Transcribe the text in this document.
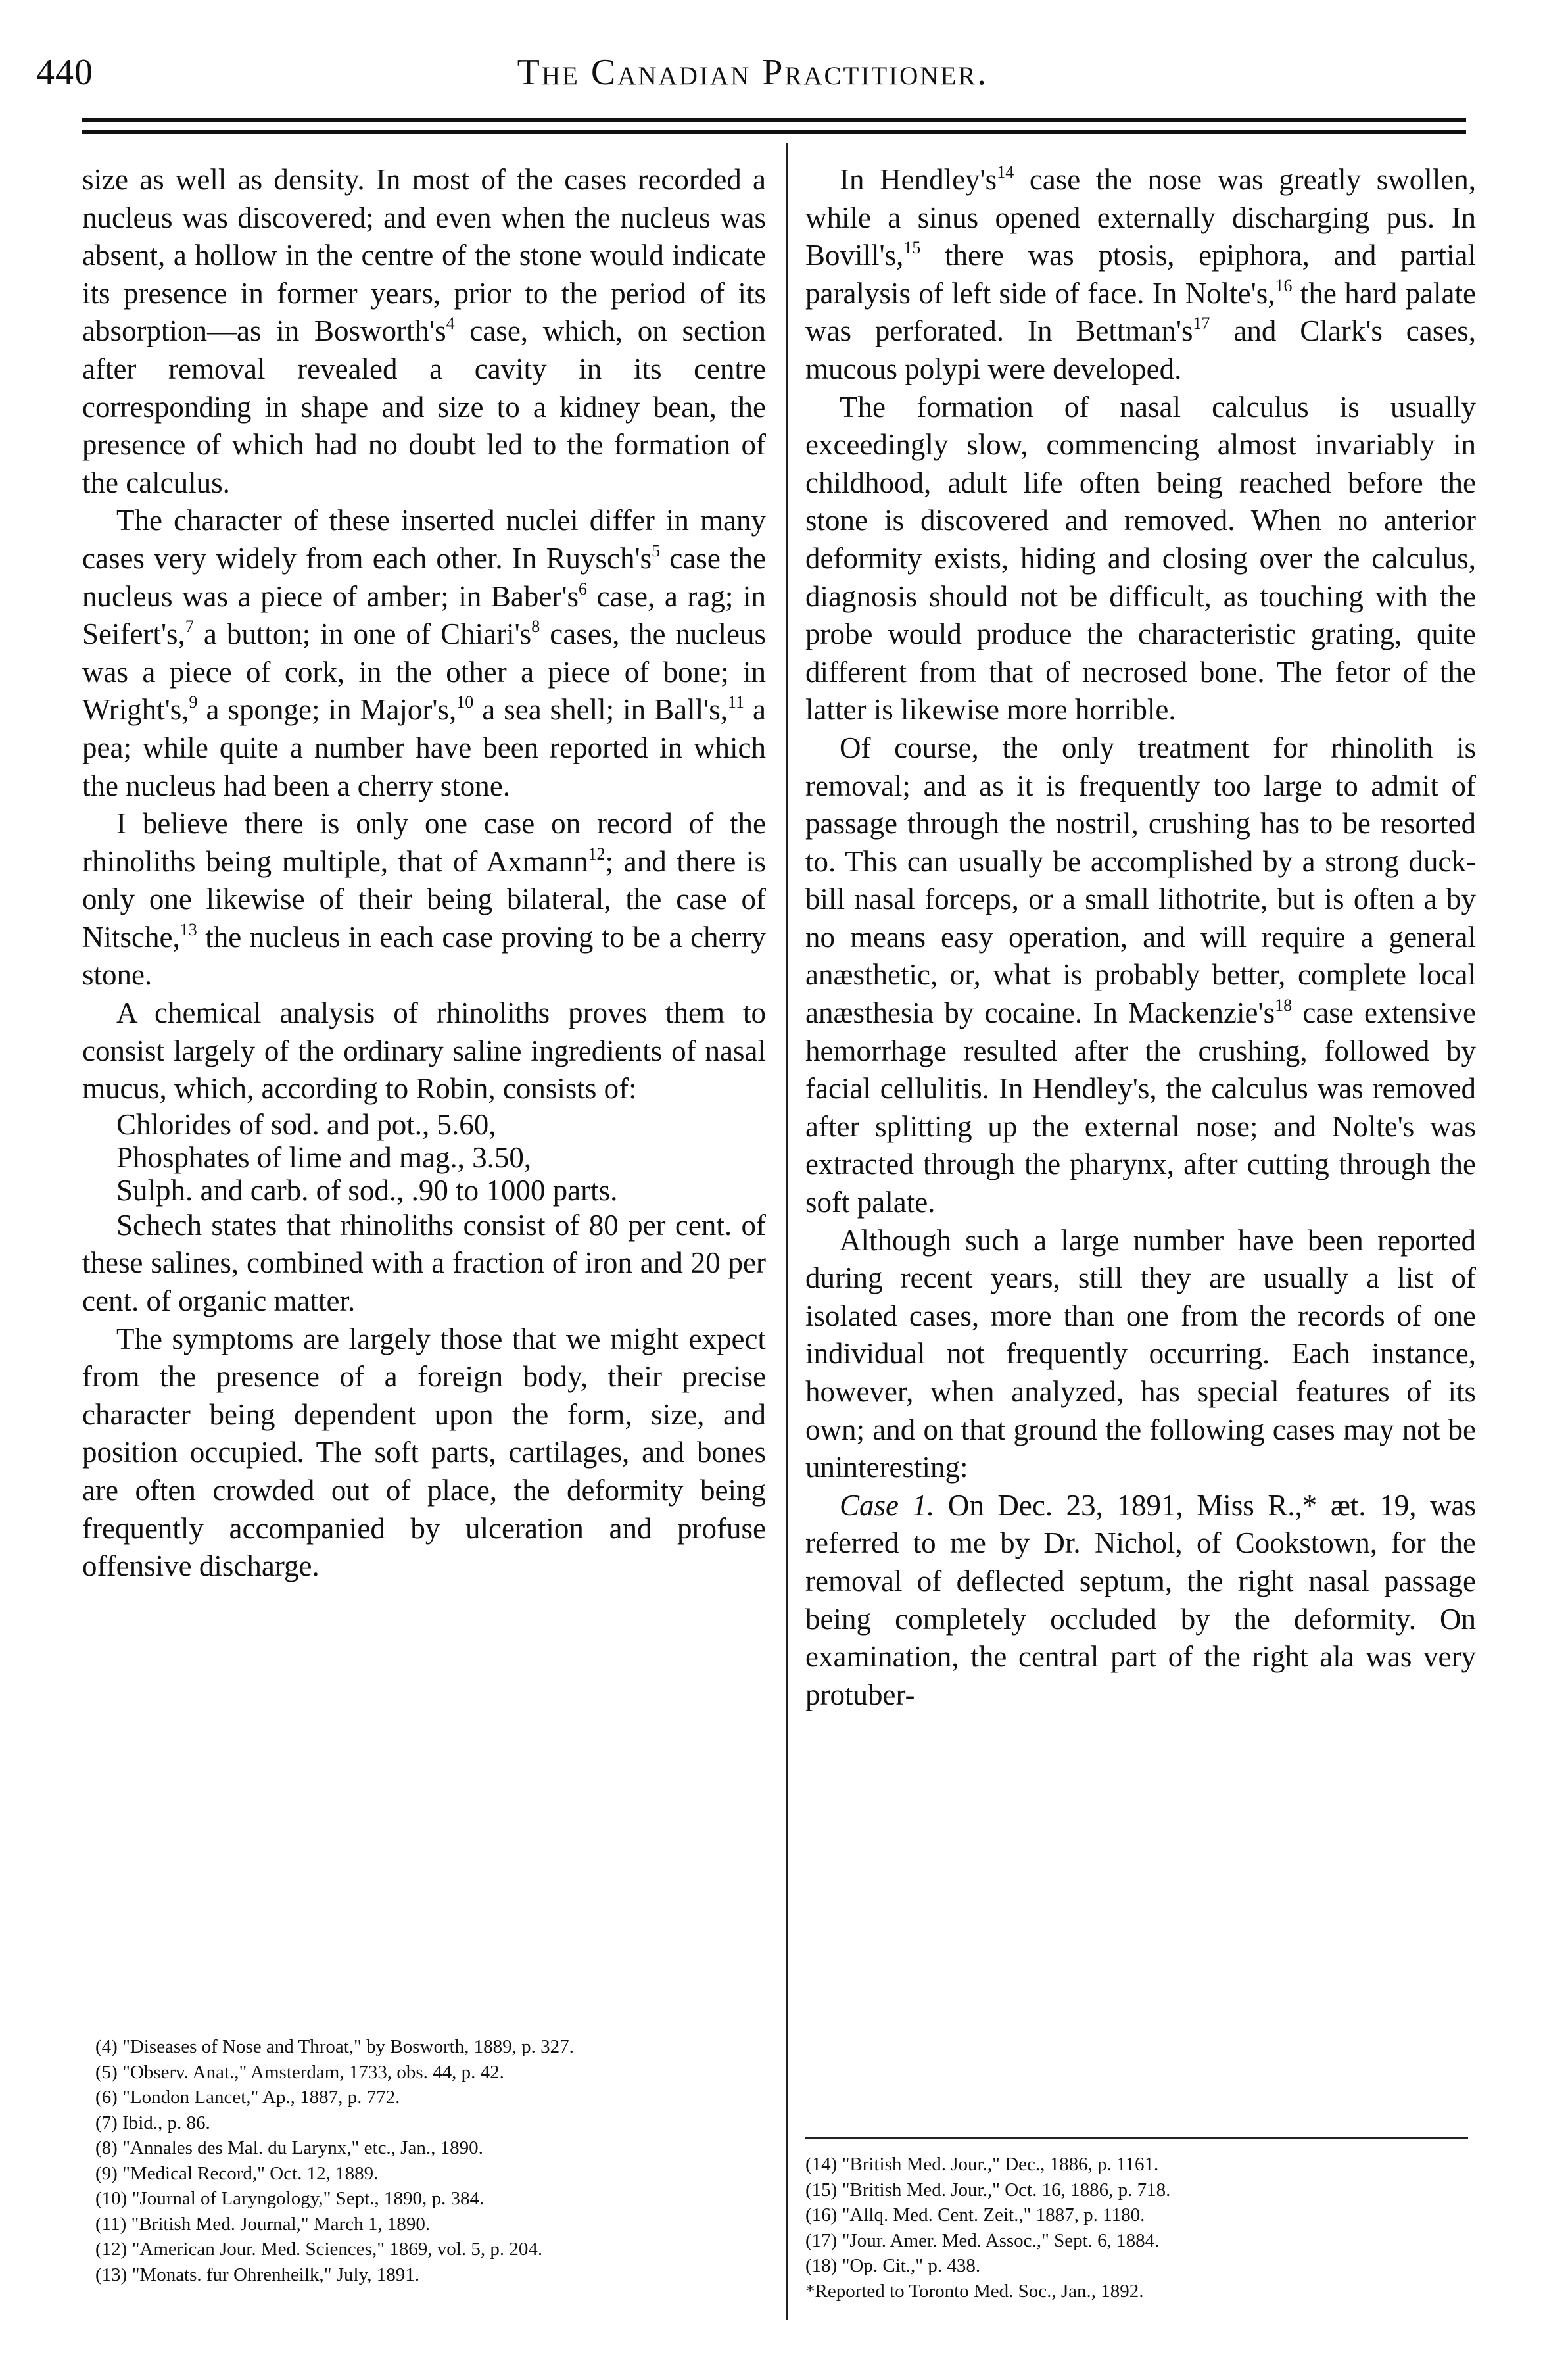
440	The Canadian Practitioner.

size as well as density. In most of the cases recorded a nucleus was discovered; and even when the nucleus was absent, a hollow in the centre of the stone would indicate its presence in former years, prior to the period of its absorption—as in $Bosworth's^4$ case, which, on section after removal revealed a cavity in its centre corresponding in shape and size to a kidney bean, the presence of which had no doubt led to the formation of the calculus.

The character of these inserted nuclei differ in many cases very widely from each other. In $Ruysch's^5$ case the nucleus was a piece of amber; in $Baber's^6$ case, a rag; in Seifert's,$^7$ a button; in one of $Chiari's^8$ cases, the nucleus was a piece of cork, in the other a piece of bone; in Wright's,$^9$ a sponge; in Major's,$^{10}$ a sea shell; in Ball's,$^{11}$ a pea; while quite a number have been reported in which the nucleus had been a cherry stone.

I believe there is only one case on record of the rhinoliths being multiple, that of Axmann$^{12}$; and there is only one likewise of their being bilateral, the case of Nitsche,$^{13}$ the nucleus in each case proving to be a cherry stone.

A chemical analysis of rhinoliths proves them to consist largely of the ordinary saline ingredients of nasal mucus, which, according to Robin, consists of:

Chlorides of sod. and pot., 5.60,

Phosphates of lime and mag., 3.50,

Sulph. and carb. of sod., .90 to 1000 parts.

Schech states that rhinoliths consist of 80 per cent. of these salines, combined with a fraction of iron and 20 per cent. of organic matter.

The symptoms are largely those that we might expect from the presence of a foreign body, their precise character being dependent upon the form, size, and position occupied. The soft parts, cartilages, and bones are often crowded out of place, the deformity being frequently accompanied by ulceration and profuse offensive discharge.

In $Hendley's^{14}$ case the nose was greatly swollen, while a sinus opened externally discharging pus. In Bovill's,$^{15}$ there was ptosis, epiphora, and partial paralysis of left side of face. In Nolte's,$^{16}$ the hard palate was perforated. In $Bettman's^{17}$ and Clark's cases, mucous polypi were developed.

The formation of nasal calculus is usually exceedingly slow, commencing almost invariably in childhood, adult life often being reached before the stone is discovered and removed. When no anterior deformity exists, hiding and closing over the calculus, diagnosis should not be difficult, as touching with the probe would produce the characteristic grating, quite different from that of necrosed bone. The fetor of the latter is likewise more horrible.

Of course, the only treatment for rhinolith is removal; and as it is frequently too large to admit of passage through the nostril, crushing has to be resorted to. This can usually be accomplished by a strong duck-bill nasal forceps, or a small lithotrite, but is often a by no means easy operation, and will require a general anæsthetic, or, what is probably better, complete local anæsthesia by cocaine. In $Mackenzie's^{18}$ case extensive hemorrhage resulted after the crushing, followed by facial cellulitis. In Hendley's, the calculus was removed after splitting up the external nose; and Nolte's was extracted through the pharynx, after cutting through the soft palate.

Although such a large number have been reported during recent years, still they are usually a list of isolated cases, more than one from the records of one individual not frequently occurring. Each instance, however, when analyzed, has special features of its own; and on that ground the following cases may not be uninteresting:

Case 1. On Dec. 23, 1891, Miss R.,* æt. 19, was referred to me by Dr. Nichol, of Cookstown, for the removal of deflected septum, the right nasal passage being completely occluded by the deformity. On examination, the central part of the right ala was very protuber-

(4) "Diseases of Nose and Throat," by Bosworth, 1889, p. 327.

(5) "Observ. Anat.," Amsterdam, 1733, obs. 44, p. 42.

(6) "London Lancet," Ap., 1887, p. 772.

(7) Ibid., p. 86.

(8) "Annales des Mal. du Larynx," etc., Jan., 1890.

(9) "Medical Record," Oct. 12, 1889.

(10) "Journal of Laryngology," Sept., 1890, p. 384.

(11) "British Med. Journal," March 1, 1890.

(12) "American Jour. Med. Sciences," 1869, vol. 5, p. 204.

(13) "Monats. fur Ohrenheilk," July, 1891.

(14) "British Med. Jour.," Dec., 1886, p. 1161.

(15) "British Med. Jour.," Oct. 16, 1886, p. 718.

(16) "Allq. Med. Cent. Zeit.," 1887, p. 1180.

(17) "Jour. Amer. Med. Assoc.," Sept. 6, 1884.

(18) "Op. Cit.," p. 438.

*Reported to Toronto Med. Soc., Jan., 1892.
